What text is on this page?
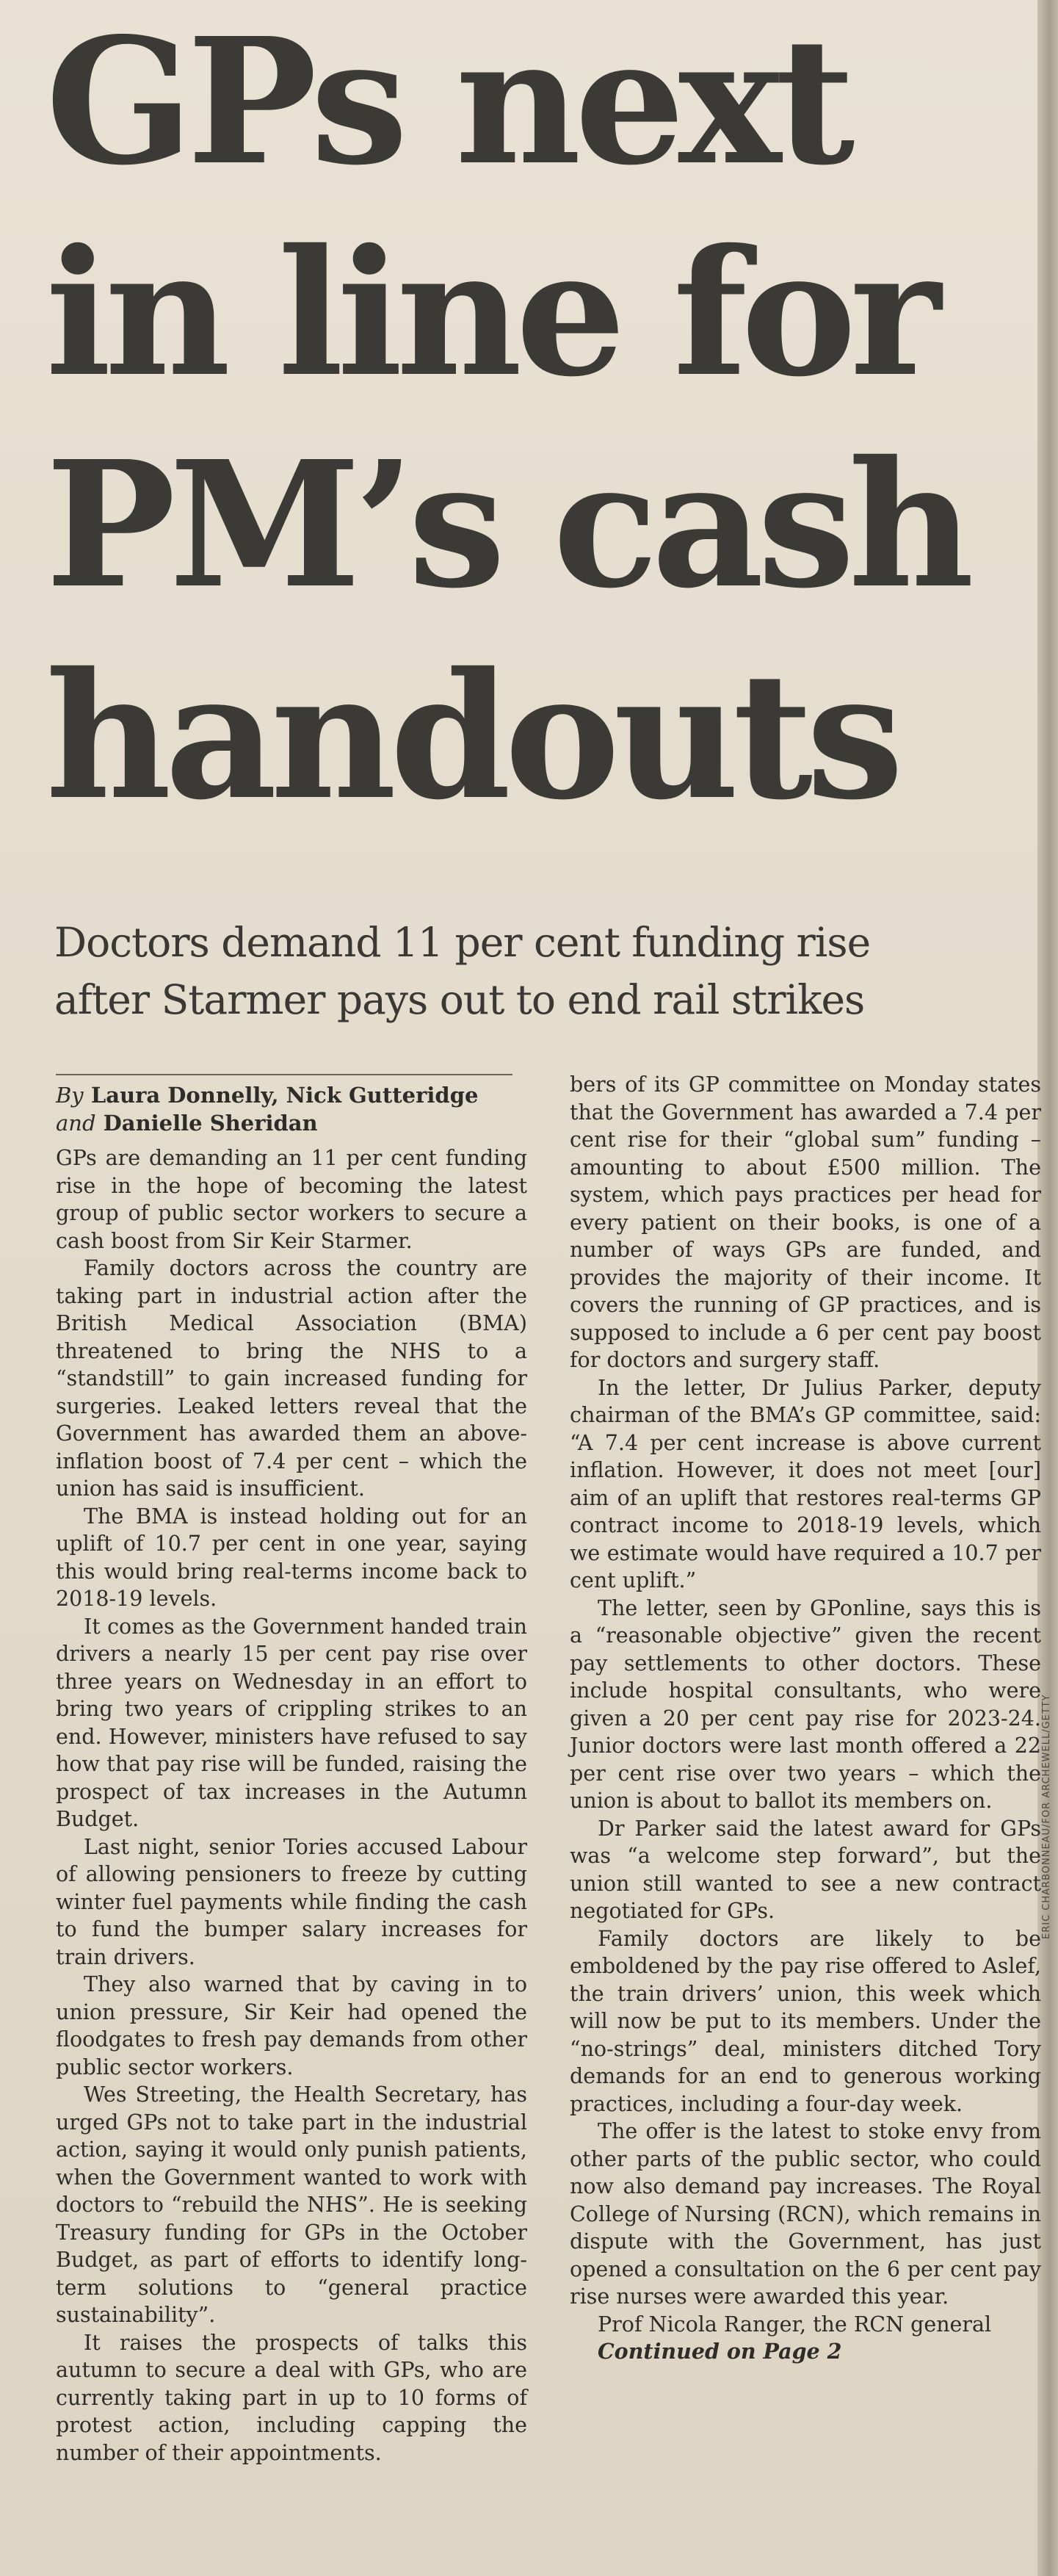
GPs next
in line for
PM’s cash
handouts
Doctors demand 11 per cent funding rise
after Starmer pays out to end rail strikes
By Laura Donnelly, Nick Gutteridge
and Danielle Sheridan

GPs are demanding an 11 per cent funding rise in the hope of becoming the latest group of public sector workers to secure a cash boost from Sir Keir Starmer.

Family doctors across the country are taking part in industrial action after the British Medical Association (BMA) threatened to bring the NHS to a “standstill” to gain increased funding for surgeries. Leaked letters reveal that the Government has awarded them an above-inflation boost of 7.4 per cent – which the union has said is insufficient.

The BMA is instead holding out for an uplift of 10.7 per cent in one year, saying this would bring real-terms income back to 2018-19 levels.

It comes as the Government handed train drivers a nearly 15 per cent pay rise over three years on Wednesday in an effort to bring two years of crippling strikes to an end. However, ministers have refused to say how that pay rise will be funded, raising the prospect of tax increases in the Autumn Budget.

Last night, senior Tories accused Labour of allowing pensioners to freeze by cutting winter fuel payments while finding the cash to fund the bumper salary increases for train drivers.

They also warned that by caving in to union pressure, Sir Keir had opened the floodgates to fresh pay demands from other public sector workers.

Wes Streeting, the Health Secretary, has urged GPs not to take part in the industrial action, saying it would only punish patients, when the Government wanted to work with doctors to “rebuild the NHS”. He is seeking Treasury funding for GPs in the October Budget, as part of efforts to identify long-term solutions to “general practice sustainability”.

It raises the prospects of talks this autumn to secure a deal with GPs, who are currently taking part in up to 10 forms of protest action, including capping the number of their appointments.

bers of its GP committee on Monday states that the Government has awarded a 7.4 per cent rise for their “global sum” funding – amounting to about £500 million. The system, which pays practices per head for every patient on their books, is one of a number of ways GPs are funded, and provides the majority of their income. It covers the running of GP practices, and is supposed to include a 6 per cent pay boost for doctors and surgery staff.

In the letter, Dr Julius Parker, deputy chairman of the BMA’s GP committee, said: “A 7.4 per cent increase is above current inflation. However, it does not meet [our] aim of an uplift that restores real-terms GP contract income to 2018-19 levels, which we estimate would have required a 10.7 per cent uplift.”

The letter, seen by GPonline, says this is a “reasonable objective” given the recent pay settlements to other doctors. These include hospital consultants, who were given a 20 per cent pay rise for 2023-24. Junior doctors were last month offered a 22 per cent rise over two years – which the union is about to ballot its members on.

Dr Parker said the latest award for GPs was “a welcome step forward”, but the union still wanted to see a new contract negotiated for GPs.

Family doctors are likely to be emboldened by the pay rise offered to Aslef, the train drivers’ union, this week which will now be put to its members. Under the “no-strings” deal, ministers ditched Tory demands for an end to generous working practices, including a four-day week.

The offer is the latest to stoke envy from other parts of the public sector, who could now also demand pay increases. The Royal College of Nursing (RCN), which remains in dispute with the Government, has just opened a consultation on the 6 per cent pay rise nurses were awarded this year.

Prof Nicola Ranger, the RCN general

Continued on Page 2

ERIC CHARBONNEAU/FOR ARCHEWELL/GETTY
